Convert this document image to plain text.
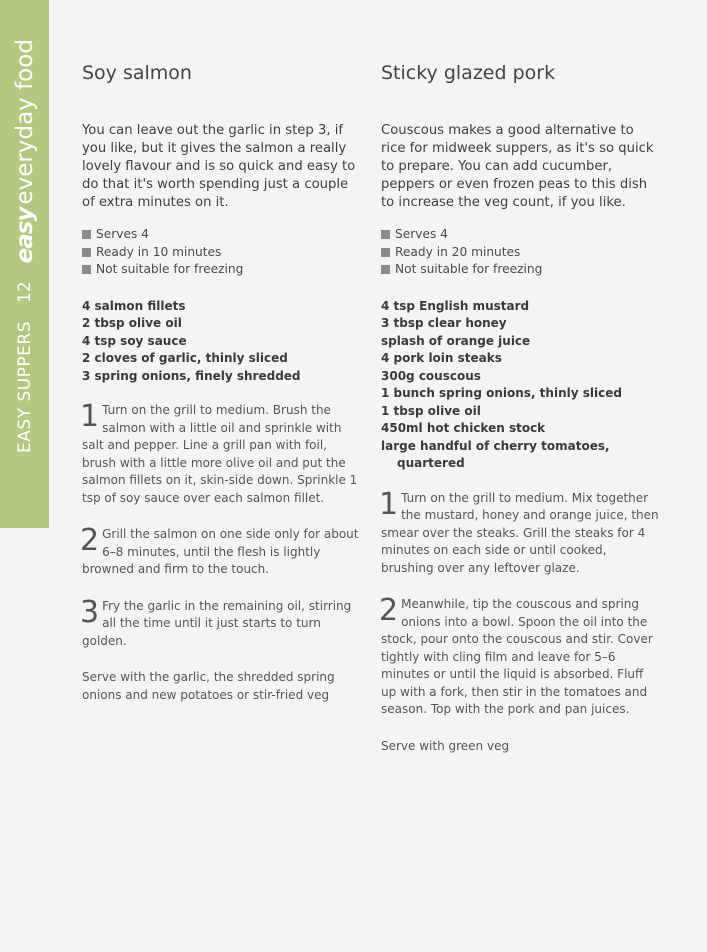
EASY SUPPERS
12
easyeveryday food Soy salmon

You can leave out the garlic in step 3, if you like, but it gives the salmon a really lovely flavour and is so quick and easy to do that it's worth spending just a couple of extra minutes on it.

Serves 4
Ready in 10 minutes
Not suitable for freezing
4 salmon fillets
2 tbsp olive oil
4 tsp soy sauce
2 cloves of garlic, thinly sliced
3 spring onions, finely shredded

1 Turn on the grill to medium. Brush the salmon with a little oil and sprinkle with salt and pepper. Line a grill pan with foil, brush with a little more olive oil and put the salmon fillets on it, skin-side down. Sprinkle 1 tsp of soy sauce over each salmon fillet.

2 Grill the salmon on one side only for about 6–8 minutes, until the flesh is lightly browned and firm to the touch.

3 Fry the garlic in the remaining oil, stirring all the time until it just starts to turn golden.

Serve with the garlic, the shredded spring onions and new potatoes or stir-fried veg

Sticky glazed pork

Couscous makes a good alternative to rice for midweek suppers, as it's so quick to prepare. You can add cucumber, peppers or even frozen peas to this dish to increase the veg count, if you like.

Serves 4
Ready in 20 minutes
Not suitable for freezing
4 tsp English mustard
3 tbsp clear honey
splash of orange juice
4 pork loin steaks
300g couscous
1 bunch spring onions, thinly sliced
1 tbsp olive oil
450ml hot chicken stock
large handful of cherry tomatoes, quartered

1 Turn on the grill to medium. Mix together the mustard, honey and orange juice, then smear over the steaks. Grill the steaks for 4 minutes on each side or until cooked, brushing over any leftover glaze.

2 Meanwhile, tip the couscous and spring onions into a bowl. Spoon the oil into the stock, pour onto the couscous and stir. Cover tightly with cling film and leave for 5–6 minutes or until the liquid is absorbed. Fluff up with a fork, then stir in the tomatoes and season. Top with the pork and pan juices.

Serve with green veg
